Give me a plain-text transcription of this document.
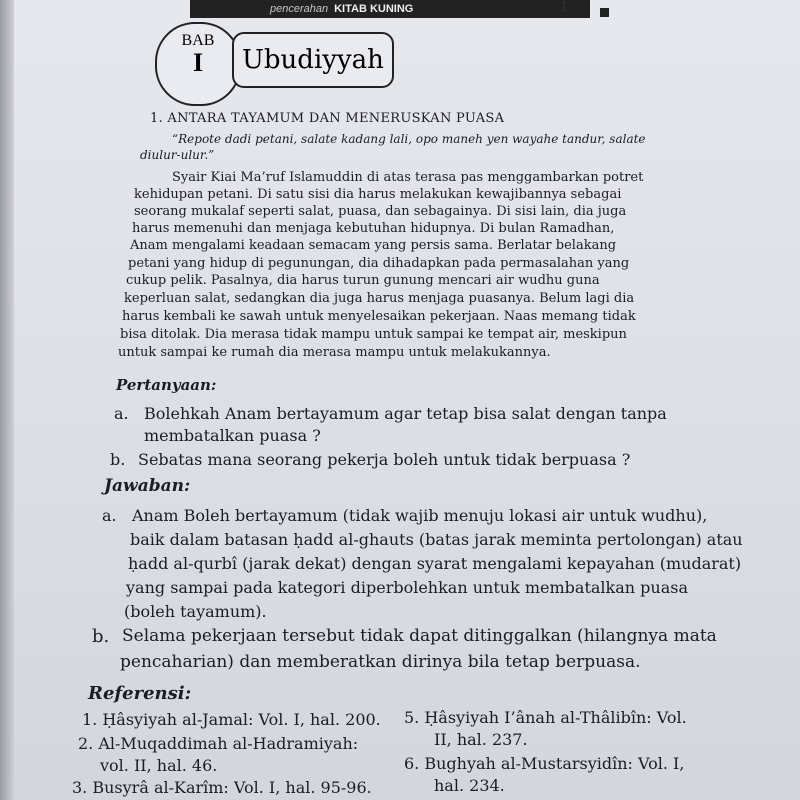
pencerahan KITAB KUNING	1
BAB
I	Ubudiyyah
1. ANTARA TAYAMUM DAN MENERUSKAN PUASA
“Repote dadi petani, salate kadang lali, opo maneh yen wayahe tandur, salate
diulur-ulur.”
Syair Kiai Ma’ruf Islamuddin di atas terasa pas menggambarkan potret
kehidupan petani. Di satu sisi dia harus melakukan kewajibannya sebagai
seorang mukalaf seperti salat, puasa, dan sebagainya. Di sisi lain, dia juga
harus memenuhi dan menjaga kebutuhan hidupnya. Di bulan Ramadhan,
Anam mengalami keadaan semacam yang persis sama. Berlatar belakang
petani yang hidup di pegunungan, dia dihadapkan pada permasalahan yang
cukup pelik. Pasalnya, dia harus turun gunung mencari air wudhu guna
keperluan salat, sedangkan dia juga harus menjaga puasanya. Belum lagi dia
harus kembali ke sawah untuk menyelesaikan pekerjaan. Naas memang tidak
bisa ditolak. Dia merasa tidak mampu untuk sampai ke tempat air, meskipun
untuk sampai ke rumah dia merasa mampu untuk melakukannya.
Pertanyaan:
a. Bolehkah Anam bertayamum agar tetap bisa salat dengan tanpa
membatalkan puasa ?
b. Sebatas mana seorang pekerja boleh untuk tidak berpuasa ?
Jawaban:
a. Anam Boleh bertayamum (tidak wajib menuju lokasi air untuk wudhu),
baik dalam batasan ḥadd al-ghauts (batas jarak meminta pertolongan) atau
ḥadd al-qurbî (jarak dekat) dengan syarat mengalami kepayahan (mudarat)
yang sampai pada kategori diperbolehkan untuk membatalkan puasa
(boleh tayamum).
b. Selama pekerjaan tersebut tidak dapat ditinggalkan (hilangnya mata
pencaharian) dan memberatkan dirinya bila tetap berpuasa.
Referensi:
1. Ḥâsyiyah al-Jamal: Vol. I, hal. 200.
2. Al-Muqaddimah al-Hadramiyah:
vol. II, hal. 46.
3. Busyrâ al-Karîm: Vol. I, hal. 95-96.
5. Ḥâsyiyah I’ânah al-Thâlibîn: Vol.
II, hal. 237.
6. Bughyah al-Mustarsyidîn: Vol. I,
hal. 234.
